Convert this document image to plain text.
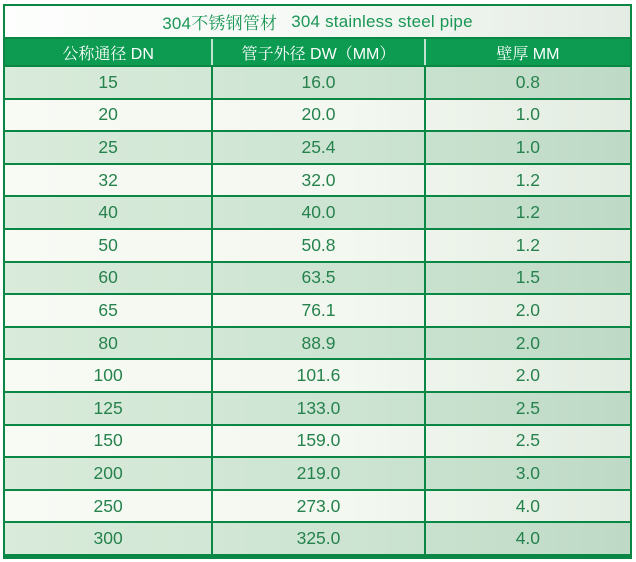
304不锈钢管材 304 stainless steel pipe
公称通径 DN	管子外径 DW（MM）	壁厚 MM
15	16.0	0.8
20	20.0	1.0
25	25.4	1.0
32	32.0	1.2
40	40.0	1.2
50	50.8	1.2
60	63.5	1.5
65	76.1	2.0
80	88.9	2.0
100	101.6	2.0
125	133.0	2.5
150	159.0	2.5
200	219.0	3.0
250	273.0	4.0
300	325.0	4.0
